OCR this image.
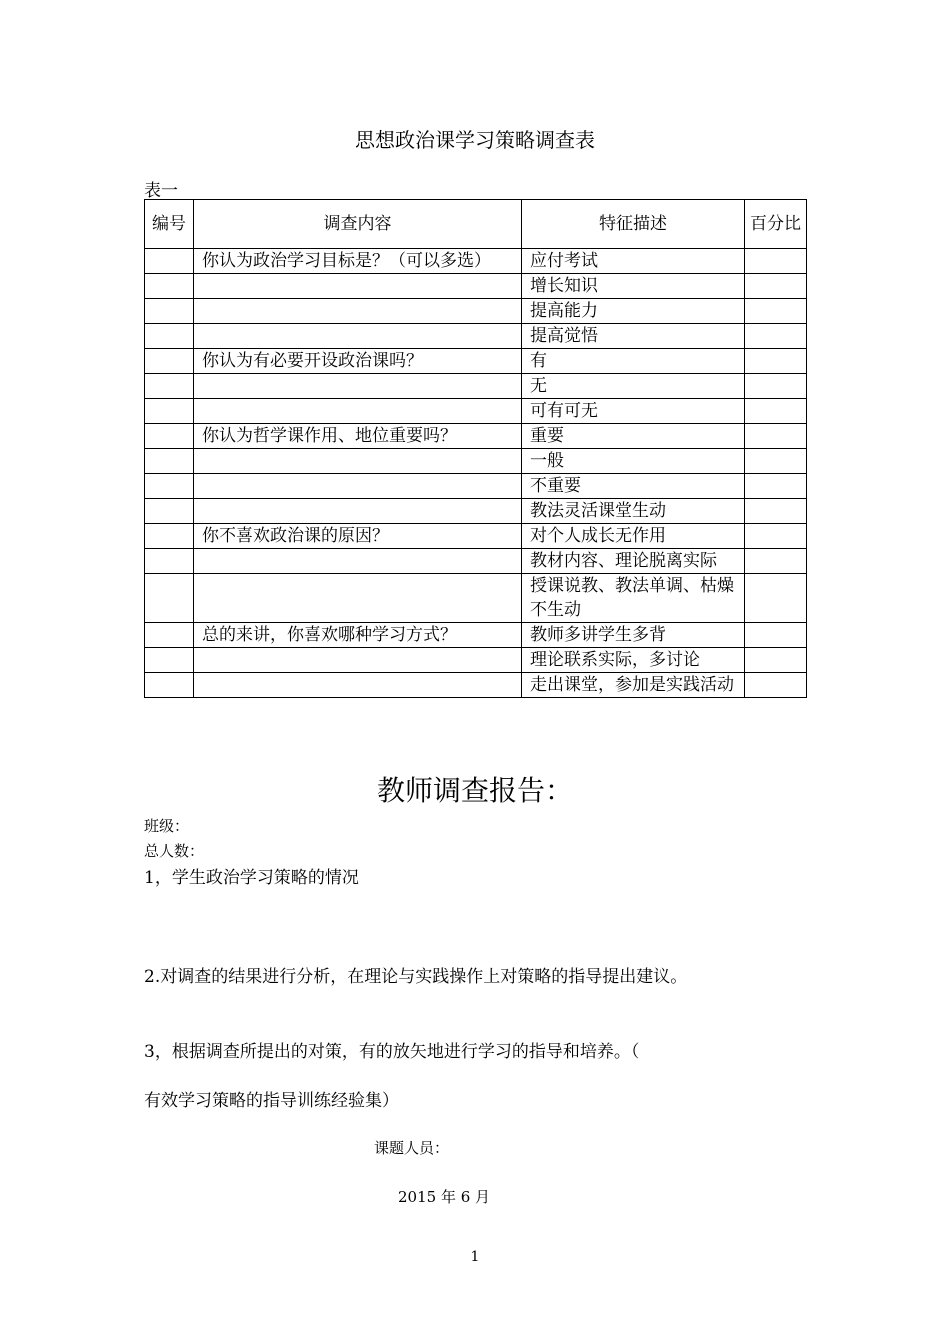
思想政治课学习策略调查表
表一
编号	调查内容	特征描述	百分比
	你认为政治学习目标是？（可以多选）	应付考试	
		增长知识	
		提高能力	
		提高觉悟	
	你认为有必要开设政治课吗？	有	
		无	
		可有可无	
	你认为哲学课作用、地位重要吗？	重要	
		一般	
		不重要	
		教法灵活课堂生动	
	你不喜欢政治课的原因？	对个人成长无作用	
		教材内容、理论脱离实际	
		授课说教、教法单调、枯燥不生动	
	总的来讲，你喜欢哪种学习方式？	教师多讲学生多背	
		理论联系实际，多讨论	
		走出课堂，参加是实践活动	
教师调查报告：
班级：
总人数：
1，学生政治学习策略的情况
2.对调查的结果进行分析，在理论与实践操作上对策略的指导提出建议。
3，根据调查所提出的对策，有的放矢地进行学习的指导和培养。（
有效学习策略的指导训练经验集）
课题人员：
2015 年 6 月
1
